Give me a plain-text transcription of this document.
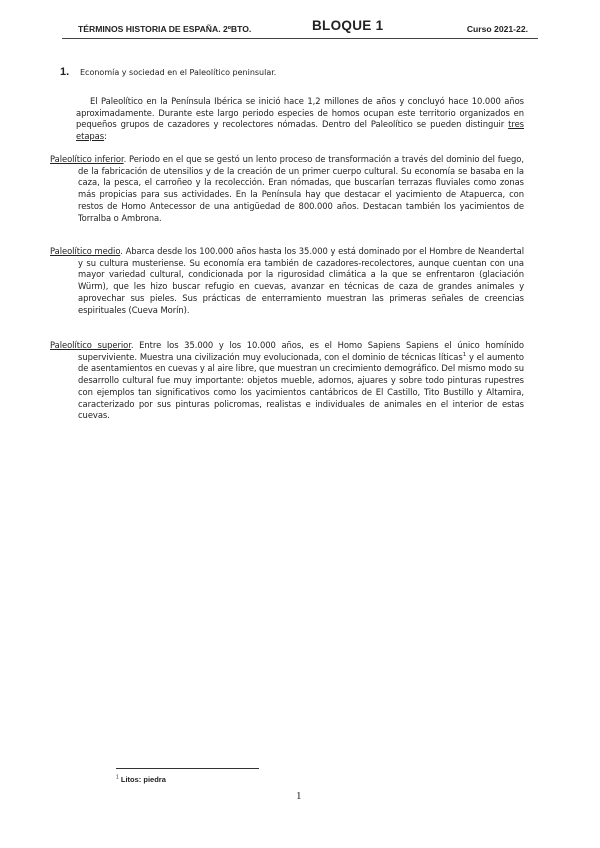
TÉRMINOS HISTORIA DE ESPAÑA. 2ºBTO.	BLOQUE 1	Curso 2021-22.
1. Economía y sociedad en el Paleolítico peninsular.

El Paleolítico en la Península Ibérica se inició hace 1,2 millones de años y concluyó hace 10.000 años aproximadamente. Durante este largo periodo especies de homos ocupan este territorio organizados en pequeños grupos de cazadores y recolectores nómadas. Dentro del Paleolítico se pueden distinguir tres etapas:

Paleolítico inferior. Periodo en el que se gestó un lento proceso de transformación a través del dominio del fuego, de la fabricación de utensilios y de la creación de un primer cuerpo cultural. Su economía se basaba en la caza, la pesca, el carroñeo y la recolección. Eran nómadas, que buscarían terrazas fluviales como zonas más propicias para sus actividades. En la Península hay que destacar el yacimiento de Atapuerca, con restos de Homo Antecessor de una antigüedad de 800.000 años. Destacan también los yacimientos de Torralba o Ambrona.

Paleolítico medio. Abarca desde los 100.000 años hasta los 35.000 y está dominado por el Hombre de Neandertal y su cultura musteriense. Su economía era también de cazadores-recolectores, aunque cuentan con una mayor variedad cultural, condicionada por la rigurosidad climática a la que se enfrentaron (glaciación Würm), que les hizo buscar refugio en cuevas, avanzar en técnicas de caza de grandes animales y aprovechar sus pieles. Sus prácticas de enterramiento muestran las primeras señales de creencias espirituales (Cueva Morín).

Paleolítico superior. Entre los 35.000 y los 10.000 años, es el Homo Sapiens Sapiens el único homínido superviviente. Muestra una civilización muy evolucionada, con el dominio de técnicas líticas$^1$ y el aumento de asentamientos en cuevas y al aire libre, que muestran un crecimiento demográfico. Del mismo modo su desarrollo cultural fue muy importante: objetos mueble, adornos, ajuares y sobre todo pinturas rupestres con ejemplos tan significativos como los yacimientos cantábricos de El Castillo, Tito Bustillo y Altamira, caracterizado por sus pinturas policromas, realistas e individuales de animales en el interior de estas cuevas.

$^1$ Litos: piedra
1
